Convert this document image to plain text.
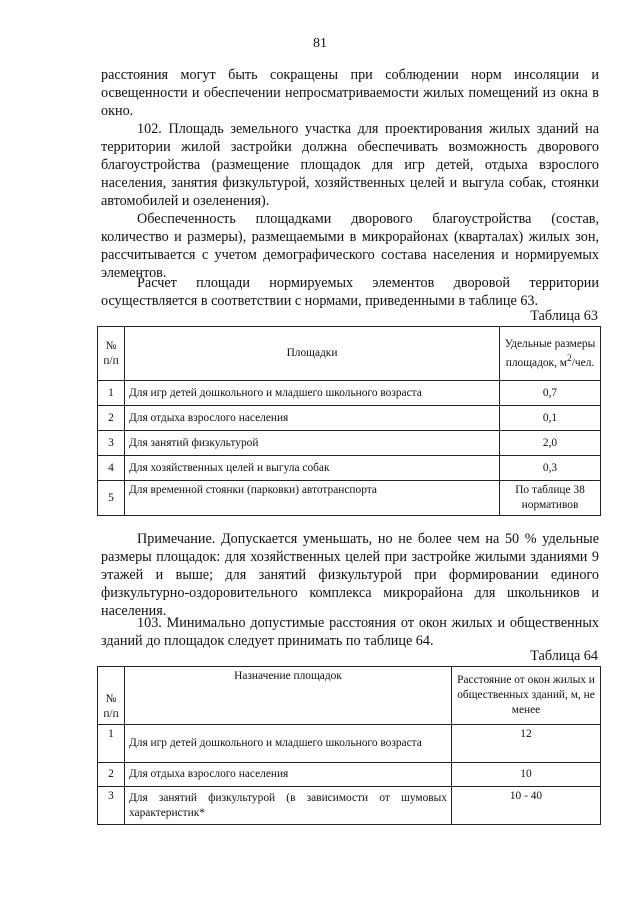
81

расстояния могут быть сокращены при соблюдении норм инсоляции и освещенности и обеспечении непросматриваемости жилых помещений из окна в окно.

102. Площадь земельного участка для проектирования жилых зданий на территории жилой застройки должна обеспечивать возможность дворового благоустройства (размещение площадок для игр детей, отдыха взрослого населения, занятия физкультурой, хозяйственных целей и выгула собак, стоянки автомобилей и озеленения).

Обеспеченность площадками дворового благоустройства (состав, количество и размеры), размещаемыми в микрорайонах (кварталах) жилых зон, рассчитывается с учетом демографического состава населения и нормируемых элементов.

Расчет площади нормируемых элементов дворовой территории осуществляется в соответствии с нормами, приведенными в таблице 63.

Таблица 63
№ п/п	Площадки	Удельные размеры площадок, $м^2$/чел.
1	Для игр детей дошкольного и младшего школьного возраста	0,7
2	Для отдыха взрослого населения	0,1
3	Для занятий физкультурой	2,0
4	Для хозяйственных целей и выгула собак	0,3
5	Для временной стоянки (парковки) автотранспорта	По таблице 38 нормативов

Примечание. Допускается уменьшать, но не более чем на 50 % удельные размеры площадок: для хозяйственных целей при застройке жилыми зданиями 9 этажей и выше; для занятий физкультурой при формировании единого физкультурно-оздоровительного комплекса микрорайона для школьников и населения.

103. Минимально допустимые расстояния от окон жилых и общественных зданий до площадок следует принимать по таблице 64.

Таблица 64
№ п/п	Назначение площадок	Расстояние от окон жилых и общественных зданий, м, не менее
1	Для игр детей дошкольного и младшего школьного возраста	12
2	Для отдыха взрослого населения	10
3	Для занятий физкультурой (в зависимости от шумовых характеристик*	10 - 40
